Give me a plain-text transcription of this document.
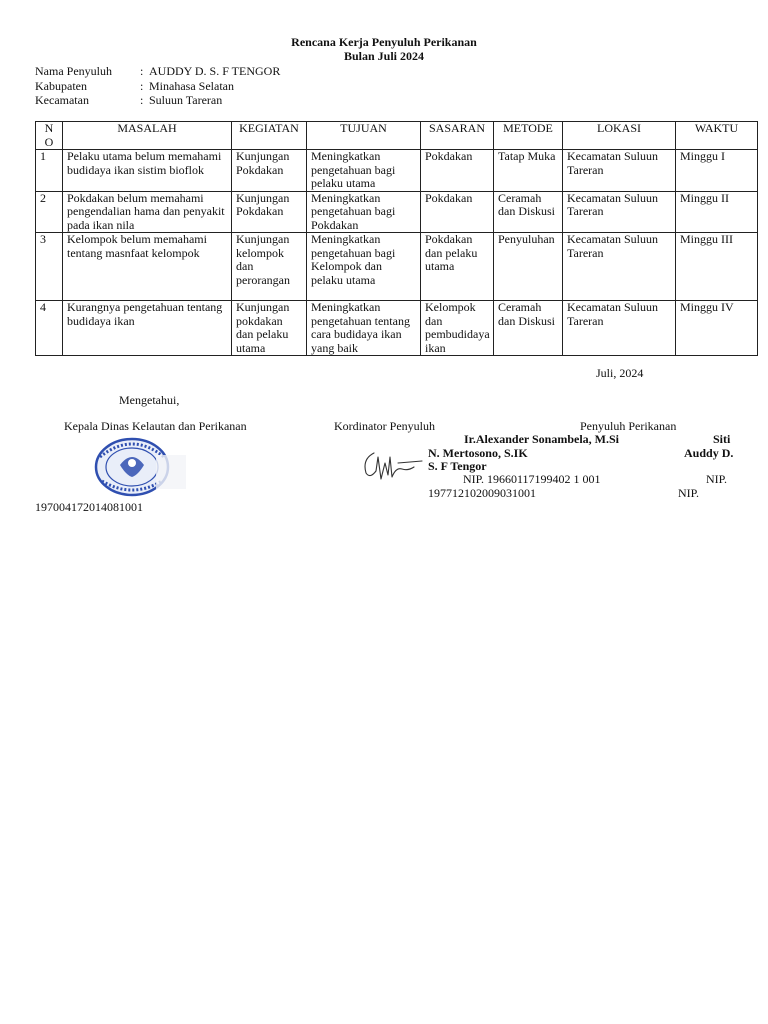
Rencana Kerja Penyuluh Perikanan
Bulan Juli 2024
Nama Penyuluh : AUDDY D. S. F TENGOR
Kabupaten	: Minahasa Selatan
Kecamatan	: Suluun Tareran
N O	MASALAH	KEGIATAN	TUJUAN	SASARAN	METODE	LOKASI	WAKTU
1	Pelaku utama belum memahami budidaya ikan sistim bioflok	Kunjungan Pokdakan	Meningkatkan pengetahuan bagi pelaku utama	Pokdakan	Tatap Muka	Kecamatan Suluun Tareran	Minggu I
2	Pokdakan belum memahami pengendalian hama dan penyakit pada ikan nila	Kunjungan Pokdakan	Meningkatkan pengetahuan bagi Pokdakan	Pokdakan	Ceramah dan Diskusi	Kecamatan Suluun Tareran	Minggu II
3	Kelompok belum memahami tentang masnfaat kelompok	Kunjungan kelompok dan perorangan	Meningkatkan pengetahuan bagi Kelompok dan pelaku utama	Pokdakan dan pelaku utama	Penyuluhan	Kecamatan Suluun Tareran	Minggu III
4	Kurangnya pengetahuan tentang budidaya ikan	Kunjungan pokdakan dan pelaku utama	Meningkatkan pengetahuan tentang cara budidaya ikan yang baik	Kelompok dan pembudidaya ikan	Ceramah dan Diskusi	Kecamatan Suluun Tareran	Minggu IV
Juli, 2024
Mengetahui,
Kepala Dinas Kelautan dan Perikanan	Kordinator Penyuluh	Penyuluh Perikanan
Ir.Alexander Sonambela, M.Si	Siti
N. Mertosono, S.IK	Auddy D.
S. F Tengor
NIP. 19660117199402 1 001	NIP.
197712102009031001	NIP.
197004172014081001
